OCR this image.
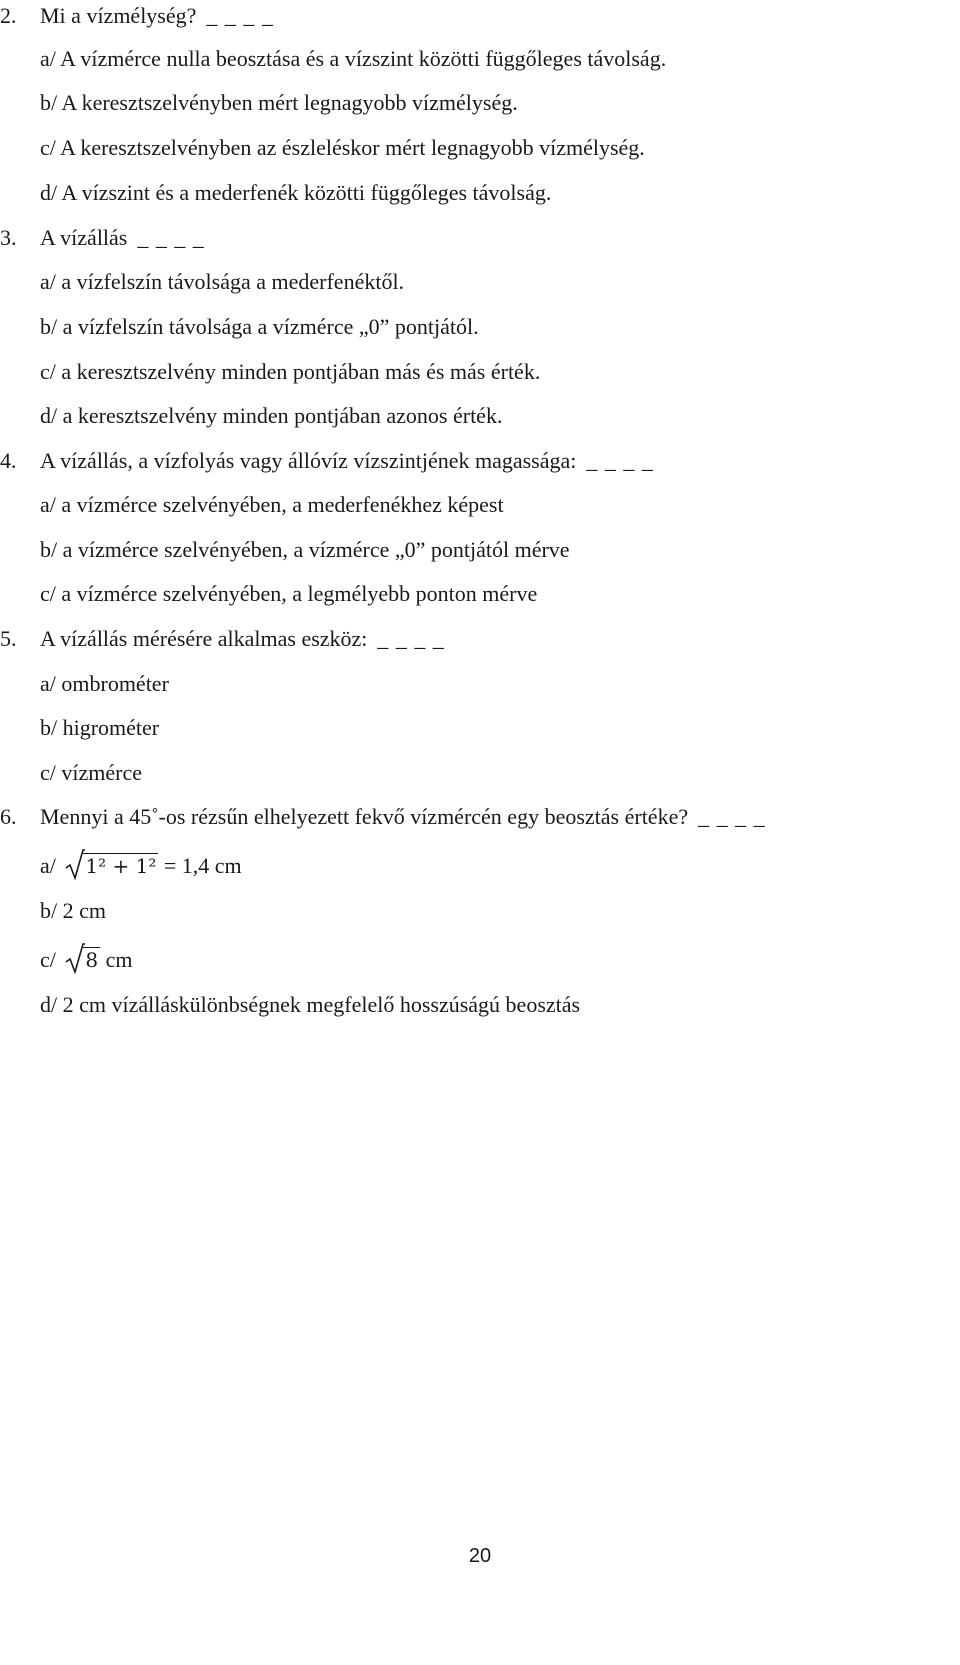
2. Mi a vízmélység? _ _ _ _
a/ A vízmérce nulla beosztása és a vízszint közötti függőleges távolság.
b/ A keresztszelvényben mért legnagyobb vízmélység.
c/ A keresztszelvényben az észleléskor mért legnagyobb vízmélység.
d/ A vízszint és a mederfenék közötti függőleges távolság.
3. A vízállás _ _ _ _
a/ a vízfelszín távolsága a mederfenéktől.
b/ a vízfelszín távolsága a vízmérce „0” pontjától.
c/ a keresztszelvény minden pontjában más és más érték.
d/ a keresztszelvény minden pontjában azonos érték.
4. A vízállás, a vízfolyás vagy állóvíz vízszintjének magassága: _ _ _ _
a/ a vízmérce szelvényében, a mederfenékhez képest
b/ a vízmérce szelvényében, a vízmérce „0” pontjától mérve
c/ a vízmérce szelvényében, a legmélyebb ponton mérve
5. A vízállás mérésére alkalmas eszköz: _ _ _ _
a/ ombrométer
b/ higrométer
c/ vízmérce
6. Mennyi a 45˚-os rézsűn elhelyezett fekvő vízmércén egy beosztás értéke? _ _ _ _
a/ 1² + 1² = 1,4 cm
b/ 2 cm
c/ 8 cm
d/ 2 cm vízálláskülönbségnek megfelelő hosszúságú beosztás
20
